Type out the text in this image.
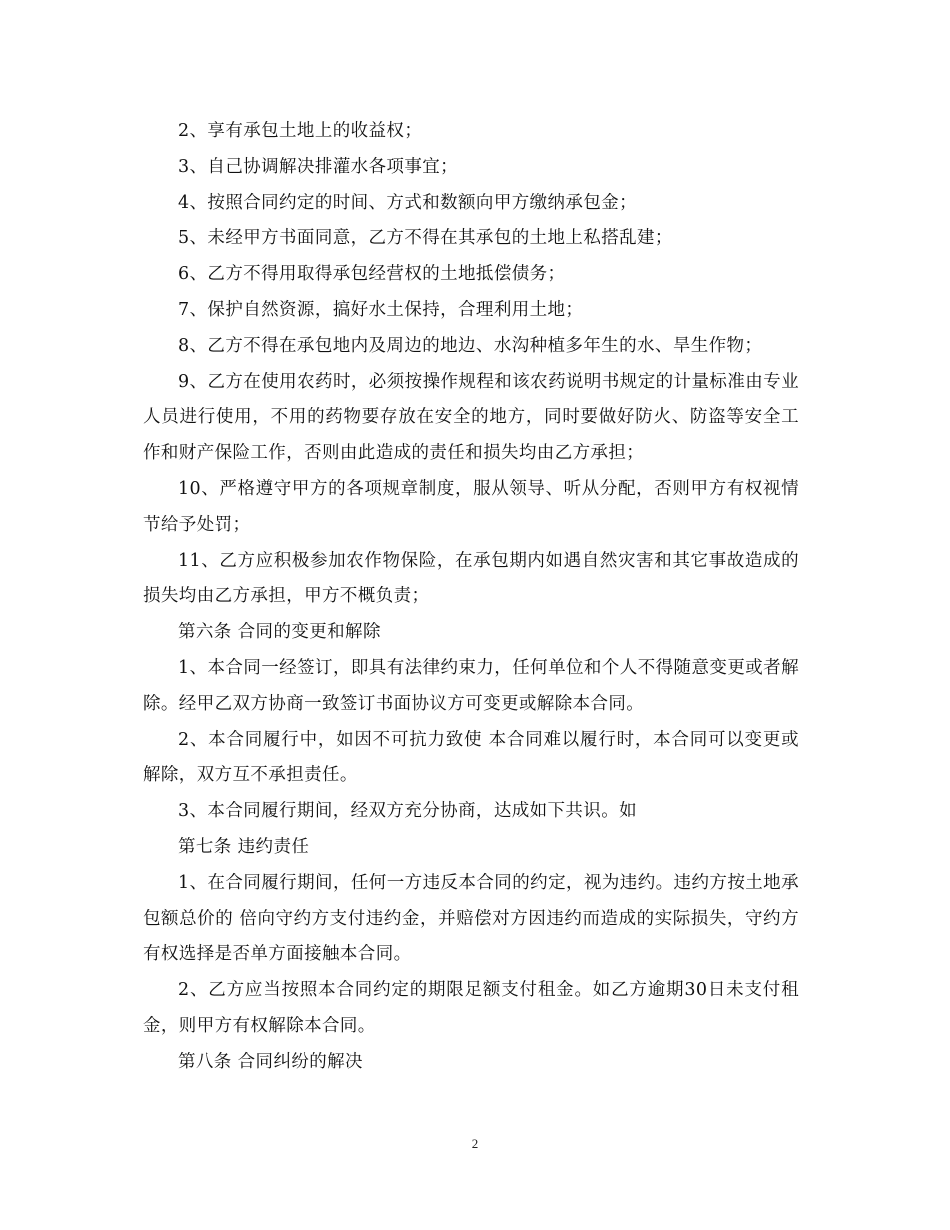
2、享有承包土地上的收益权；

3、自己协调解决排灌水各项事宜；

4、按照合同约定的时间、方式和数额向甲方缴纳承包金；

5、未经甲方书面同意，乙方不得在其承包的土地上私搭乱建；

6、乙方不得用取得承包经营权的土地抵偿债务；

7、保护自然资源，搞好水土保持，合理利用土地；

8、乙方不得在承包地内及周边的地边、水沟种植多年生的水、旱生作物；

9、乙方在使用农药时，必须按操作规程和该农药说明书规定的计量标准由专业人员进行使用，不用的药物要存放在安全的地方，同时要做好防火、防盗等安全工作和财产保险工作，否则由此造成的责任和损失均由乙方承担；

10、严格遵守甲方的各项规章制度，服从领导、听从分配，否则甲方有权视情节给予处罚；

11、乙方应积极参加农作物保险，在承包期内如遇自然灾害和其它事故造成的损失均由乙方承担，甲方不概负责；

第六条 合同的变更和解除

1、本合同一经签订，即具有法律约束力，任何单位和个人不得随意变更或者解除。经甲乙双方协商一致签订书面协议方可变更或解除本合同。

2、本合同履行中，如因不可抗力致使 本合同难以履行时，本合同可以变更或解除，双方互不承担责任。

3、本合同履行期间，经双方充分协商，达成如下共识。如

第七条 违约责任

1、在合同履行期间，任何一方违反本合同的约定，视为违约。违约方按土地承包额总价的 倍向守约方支付违约金，并赔偿对方因违约而造成的实际损失，守约方有权选择是否单方面接触本合同。

2、乙方应当按照本合同约定的期限足额支付租金。如乙方逾期30日未支付租金，则甲方有权解除本合同。

第八条 合同纠纷的解决

2
